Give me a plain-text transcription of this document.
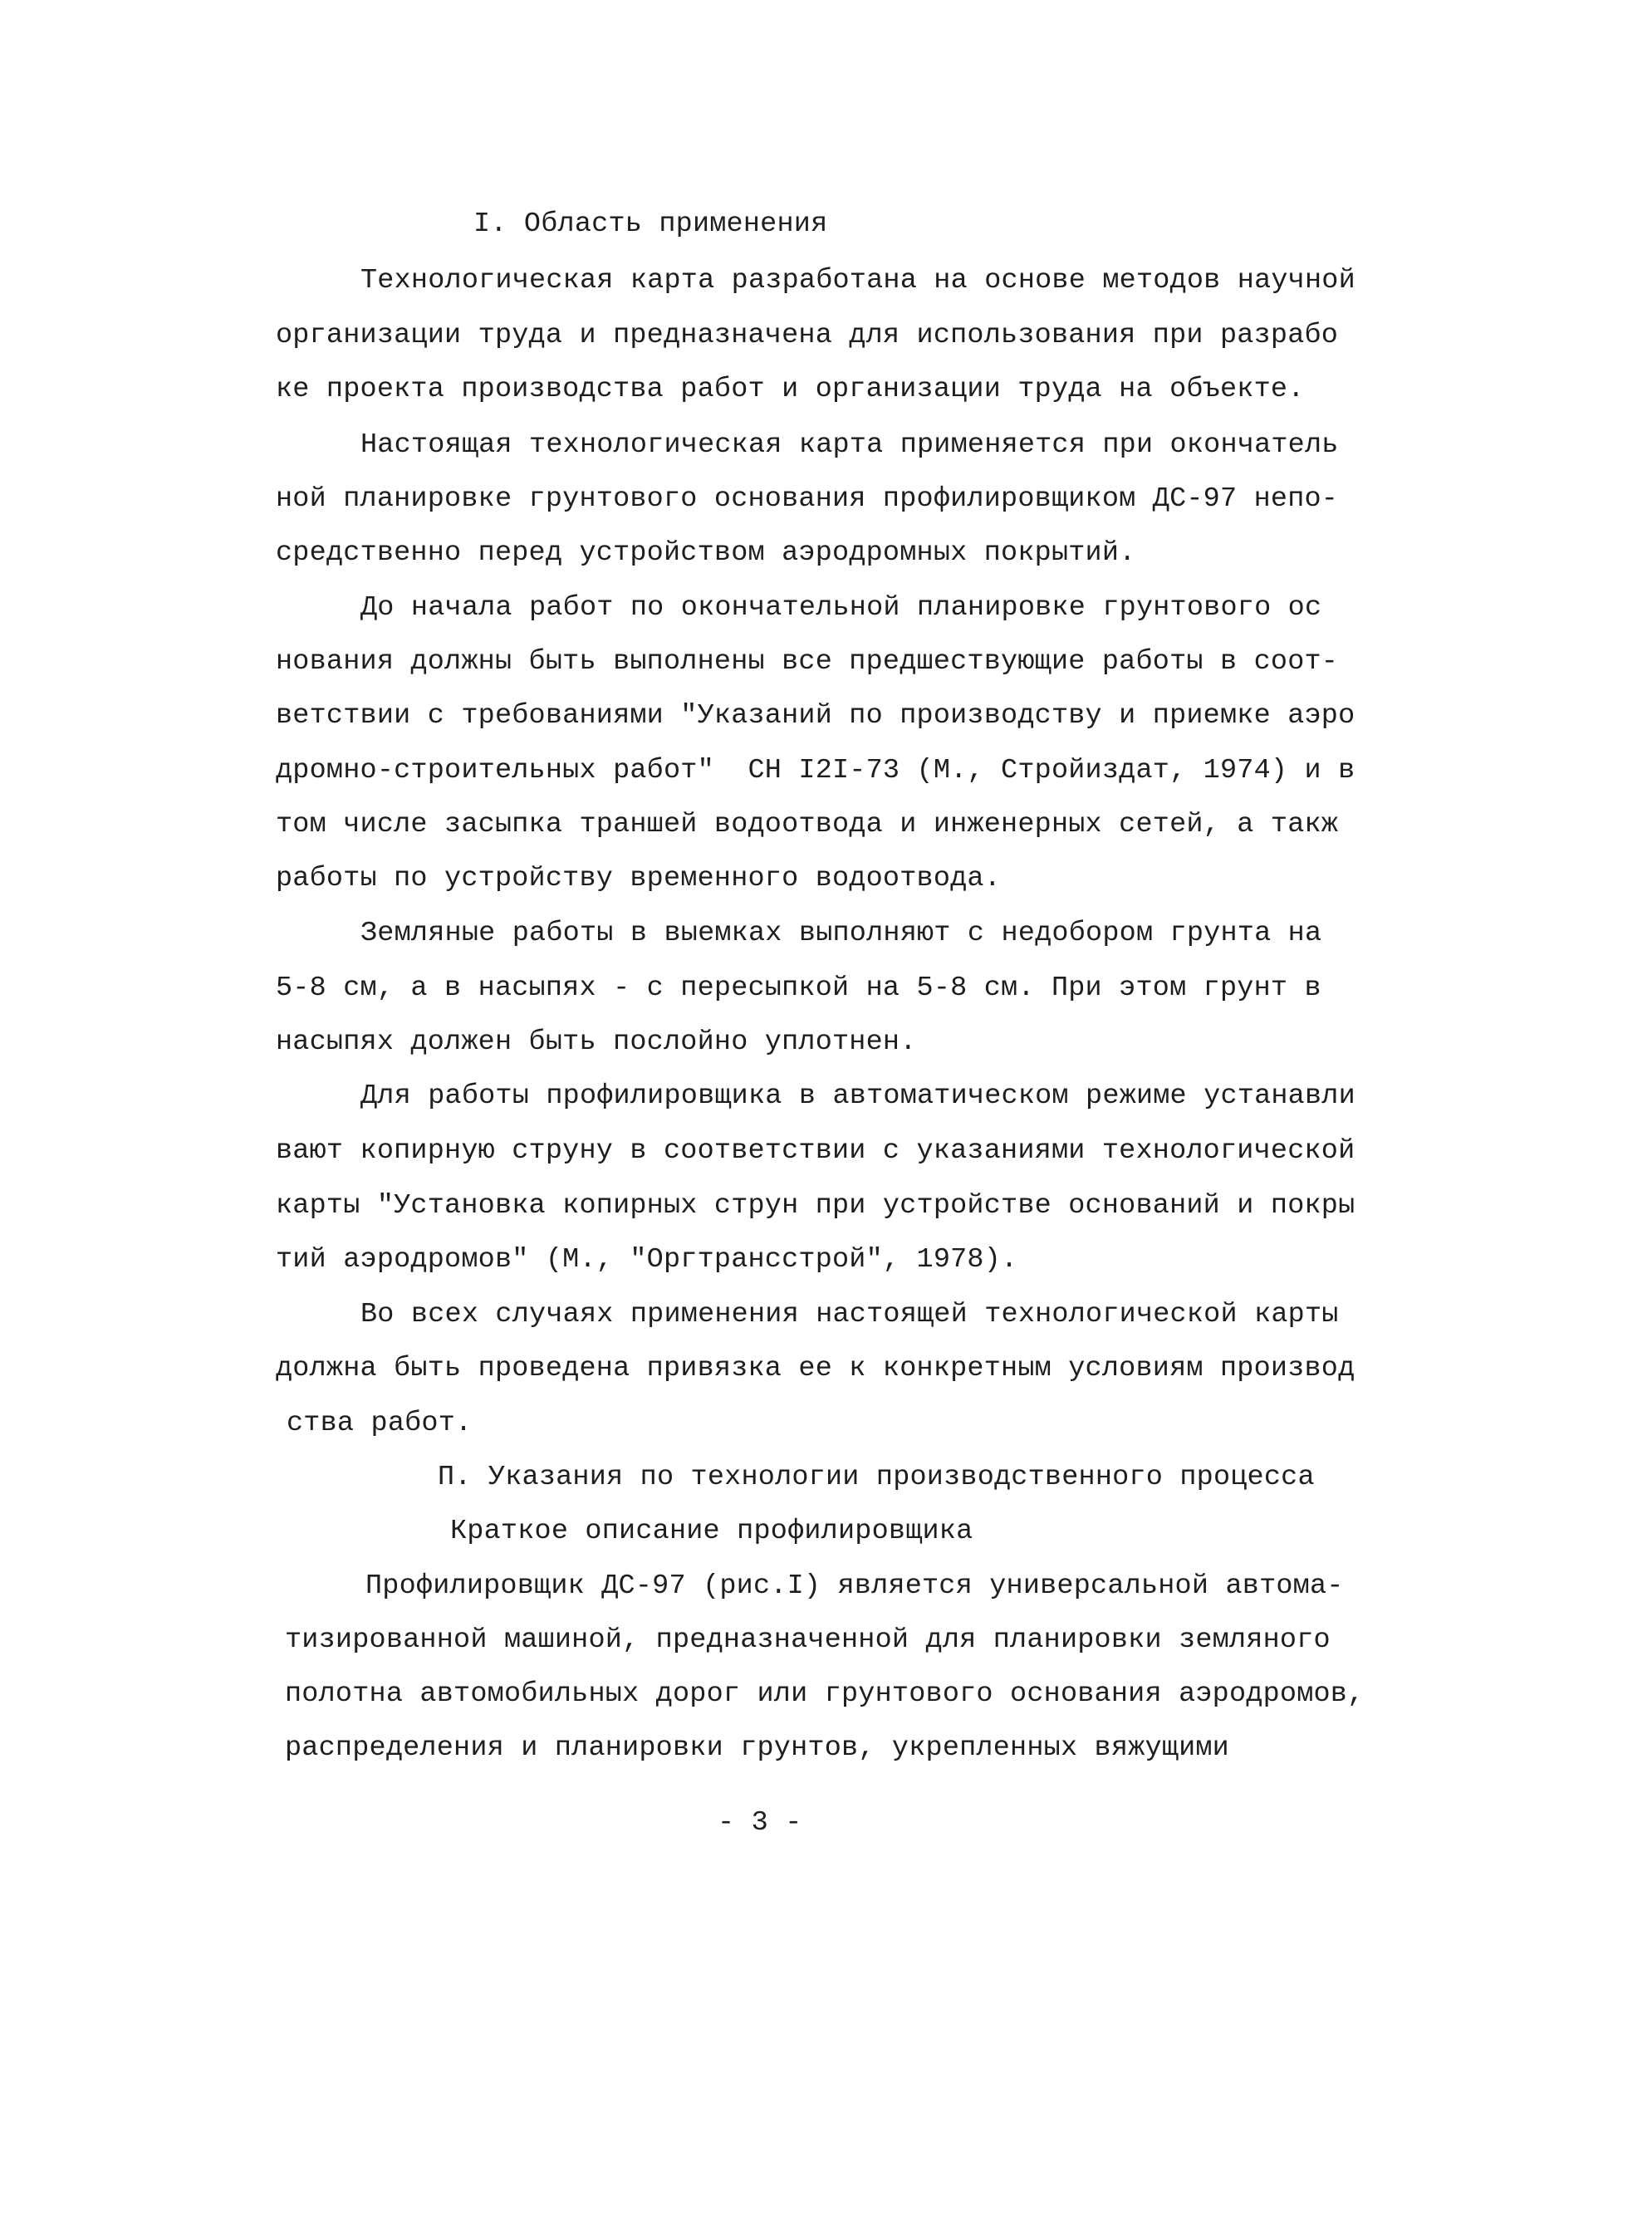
I. Область применения
Технологическая карта разработана на основе методов научной
организации труда и предназначена для использования при разрабо
ке проекта производства работ и организации труда на объекте.
Настоящая технологическая карта применяется при окончатель
ной планировке грунтового основания профилировщиком ДС-97 непо-
средственно перед устройством аэродромных покрытий.
До начала работ по окончательной планировке грунтового ос
нования должны быть выполнены все предшествующие работы в соот-
ветствии с требованиями "Указаний по производству и приемке аэро
дромно-строительных работ"  СН I2I-73 (М., Стройиздат, 1974) и в
том числе засыпка траншей водоотвода и инженерных сетей, а такж
работы по устройству временного водоотвода.
Земляные работы в выемках выполняют с недобором грунта на
5-8 см, а в насыпях - с пересыпкой на 5-8 см. При этом грунт в
насыпях должен быть послойно уплотнен.
Для работы профилировщика в автоматическом режиме устанавли
вают копирную струну в соответствии с указаниями технологической
карты "Установка копирных струн при устройстве оснований и покры
тий аэродромов" (М., "Оргтрансстрой", 1978).
Во всех случаях применения настоящей технологической карты
должна быть проведена привязка ее к конкретным условиям производ
ства работ.
П. Указания по технологии производственного процесса
Краткое описание профилировщика
Профилировщик ДС-97 (рис.I) является универсальной автома-
тизированной машиной, предназначенной для планировки земляного
полотна автомобильных дорог или грунтового основания аэродромов,
распределения и планировки грунтов, укрепленных вяжущими
- 3 -
